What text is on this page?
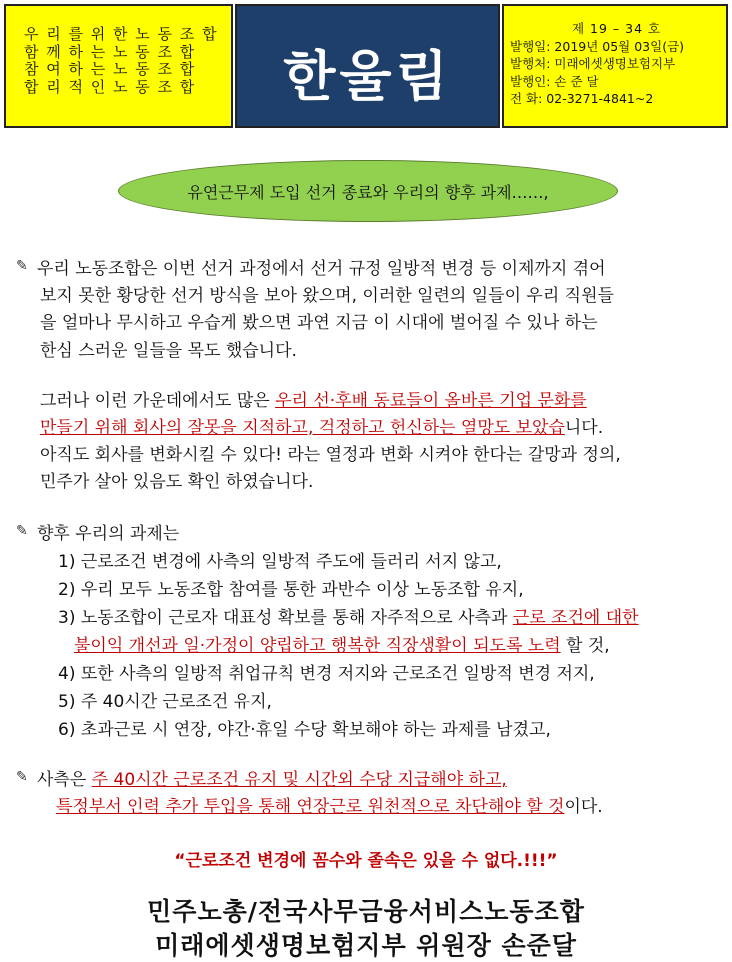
우 리 를 위 한 노 동 조 합
함 께 하 는 노 동 조 합
참 여 하 는 노 동 조 합
합 리 적 인 노 동 조 합	한울림
제 19 – 34 호
발행일: 2019년 05월 03일(금)
발행처: 미래에셋생명보험지부
발행인: 손 준 달
전 화: 02-3271-4841~2
유연근무제 도입 선거 종료와 우리의 향후 과제……,
✎ 우리 노동조합은 이번 선거 과정에서 선거 규정 일방적 변경 등 이제까지 겪어
보지 못한 황당한 선거 방식을 보아 왔으며, 이러한 일련의 일들이 우리 직원들
을 얼마나 무시하고 우습게 봤으면 과연 지금 이 시대에 벌어질 수 있나 하는
한심 스러운 일들을 목도 했습니다.
그러나 이런 가운데에서도 많은 우리 선·후배 동료들이 올바른 기업 문화를
만들기 위해 회사의 잘못을 지적하고, 걱정하고 헌신하는 열망도 보았습니다.
아직도 회사를 변화시킬 수 있다! 라는 열정과 변화 시켜야 한다는 갈망과 정의,
민주가 살아 있음도 확인 하였습니다.
✎ 향후 우리의 과제는
1) 근로조건 변경에 사측의 일방적 주도에 들러리 서지 않고,
2) 우리 모두 노동조합 참여를 통한 과반수 이상 노동조합 유지,
3) 노동조합이 근로자 대표성 확보를 통해 자주적으로 사측과 근로 조건에 대한
불이익 개선과 일·가정이 양립하고 행복한 직장생활이 되도록 노력 할 것,
4) 또한 사측의 일방적 취업규칙 변경 저지와 근로조건 일방적 변경 저지,
5) 주 40시간 근로조건 유지,
6) 초과근로 시 연장, 야간·휴일 수당 확보해야 하는 과제를 남겼고,
✎ 사측은 주 40시간 근로조건 유지 및 시간외 수당 지급해야 하고,
특정부서 인력 추가 투입을 통해 연장근로 원천적으로 차단해야 할 것이다.
“근로조건 변경에 꼼수와 졸속은 있을 수 없다.!!!”
민주노총/전국사무금융서비스노동조합
미래에셋생명보험지부 위원장 손준달
